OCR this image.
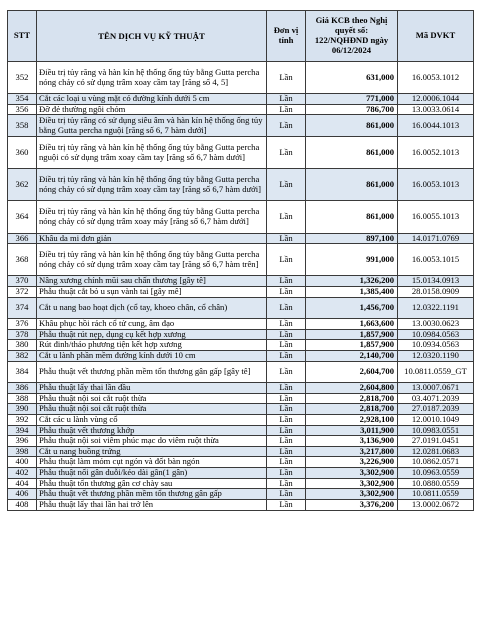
STT	TÊN DỊCH VỤ KỸ THUẬT	Đơn vị tính	Giá KCB theo Nghị quyết số: 122/NQHĐND ngày 06/12/2024	Mã DVKT
352	Điều trị tủy răng và hàn kín hệ thống ống tủy bằng Gutta percha nóng chảy có sử dụng trâm xoay cầm tay [răng số 4, 5]	Lần	631,000	16.0053.1012
354	Cắt các loại u vùng mặt có đường kính dưới 5 cm	Lần	771,000	12.0006.1044
356	Đỡ đẻ thường ngôi chỏm	Lần	786,700	13.0033.0614
358	Điều trị tủy răng có sử dụng siêu âm và hàn kín hệ thống ống tủy bằng Gutta percha nguội [răng số 6, 7 hàm dưới]	Lần	861,000	16.0044.1013
360	Điều trị tủy răng và hàn kín hệ thống ống tủy bằng Gutta percha nguội có sử dụng trâm xoay cầm tay [răng số 6,7 hàm dưới]	Lần	861,000	16.0052.1013
362	Điều trị tủy răng và hàn kín hệ thống ống tủy bằng Gutta percha nóng chảy có sử dụng trâm xoay cầm tay [răng số 6,7 hàm dưới]	Lần	861,000	16.0053.1013
364	Điều trị tủy răng và hàn kín hệ thống ống tủy bằng Gutta percha nóng chảy có sử dụng trâm xoay máy [răng số 6,7 hàm dưới]	Lần	861,000	16.0055.1013
366	Khâu da mi đơn giản	Lần	897,100	14.0171.0769
368	Điều trị tủy răng và hàn kín hệ thống ống tủy bằng Gutta percha nóng chảy có sử dụng trâm xoay cầm tay [răng số 6,7 hàm trên]	Lần	991,000	16.0053.1015
370	Nâng xương chính mũi sau chấn thương [gây tê]	Lần	1,326,200	15.0134.0913
372	Phẫu thuật cắt bỏ u sụn vành tai [gây mê]	Lần	1,385,400	28.0158.0909
374	Cắt u nang bao hoạt dịch (cổ tay, khoeo chân, cổ chân)	Lần	1,456,700	12.0322.1191
376	Khâu phục hồi rách cổ tử cung, âm đạo	Lần	1,663,600	13.0030.0623
378	Phẫu thuật rút nẹp, dụng cụ kết hợp xương	Lần	1,857,900	10.0984.0563
380	Rút đinh/tháo phương tiện kết hợp xương	Lần	1,857,900	10.0934.0563
382	Cắt u lành phần mềm đường kính dưới 10 cm	Lần	2,140,700	12.0320.1190
384	Phẫu thuật vết thương phần mềm tổn thương gân gấp [gây tê]	Lần	2,604,700	10.0811.0559_GT
386	Phẫu thuật lấy thai lần đầu	Lần	2,604,800	13.0007.0671
388	Phẫu thuật nội soi cắt ruột thừa	Lần	2,818,700	03.4071.2039
390	Phẫu thuật nội soi cắt ruột thừa	Lần	2,818,700	27.0187.2039
392	Cắt các u lành vùng cổ	Lần	2,928,100	12.0010.1049
394	Phẫu thuật vết thương khớp	Lần	3,011,900	10.0983.0551
396	Phẫu thuật nội soi viêm phúc mạc do viêm ruột thừa	Lần	3,136,900	27.0191.0451
398	Cắt u nang buồng trứng	Lần	3,217,800	12.0281.0683
400	Phẫu thuật làm mỏm cụt ngón và đốt bàn ngón	Lần	3,226,900	10.0862.0571
402	Phẫu thuật nối gân duỗi/kéo dài gân(1 gân)	Lần	3,302,900	10.0963.0559
404	Phẫu thuật tổn thương gân cơ chày sau	Lần	3,302,900	10.0880.0559
406	Phẫu thuật vết thương phần mềm tổn thương gân gấp	Lần	3,302,900	10.0811.0559
408	Phẫu thuật lấy thai lần hai trở lên	Lần	3,376,200	13.0002.0672
